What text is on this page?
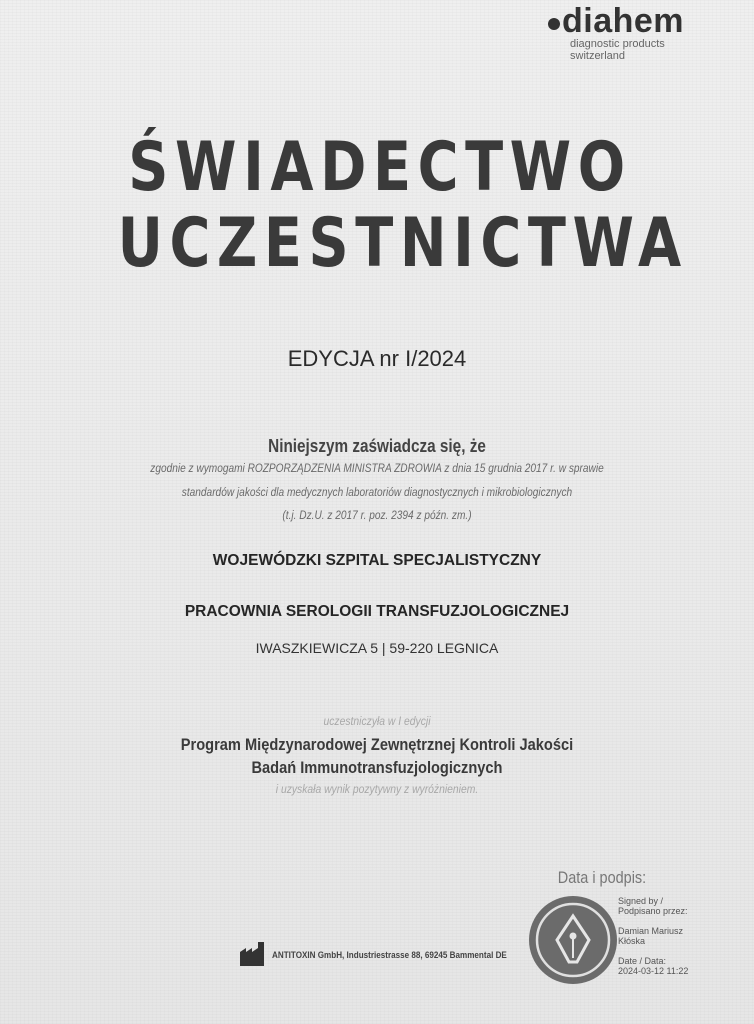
diahem
diagnostic products
switzerland
ŚWIADECTWO
UCZESTNICTWA
EDYCJA nr I/2024
Niniejszym zaświadcza się, że
zgodnie z wymogami ROZPORZĄDZENIA MINISTRA ZDROWIA z dnia 15 grudnia 2017 r. w sprawie
standardów jakości dla medycznych laboratoriów diagnostycznych i mikrobiologicznych
(t.j. Dz.U. z 2017 r. poz. 2394 z późn. zm.)
WOJEWÓDZKI SZPITAL SPECJALISTYCZNY
PRACOWNIA SEROLOGII TRANSFUZJOLOGICZNEJ
IWASZKIEWICZA 5 | 59-220 LEGNICA
uczestniczyła w I edycji
Program Międzynarodowej Zewnętrznej Kontroli Jakości
Badań Immunotransfuzjologicznych
i uzyskała wynik pozytywny z wyróżnieniem.
Data i podpis:
Signed by /
Podpisano przez:
Damian Mariusz
Kłóska
Date / Data:
2024-03-12 11:22
ANTITOXIN GmbH, Industriestrasse 88, 69245 Bammental DE
